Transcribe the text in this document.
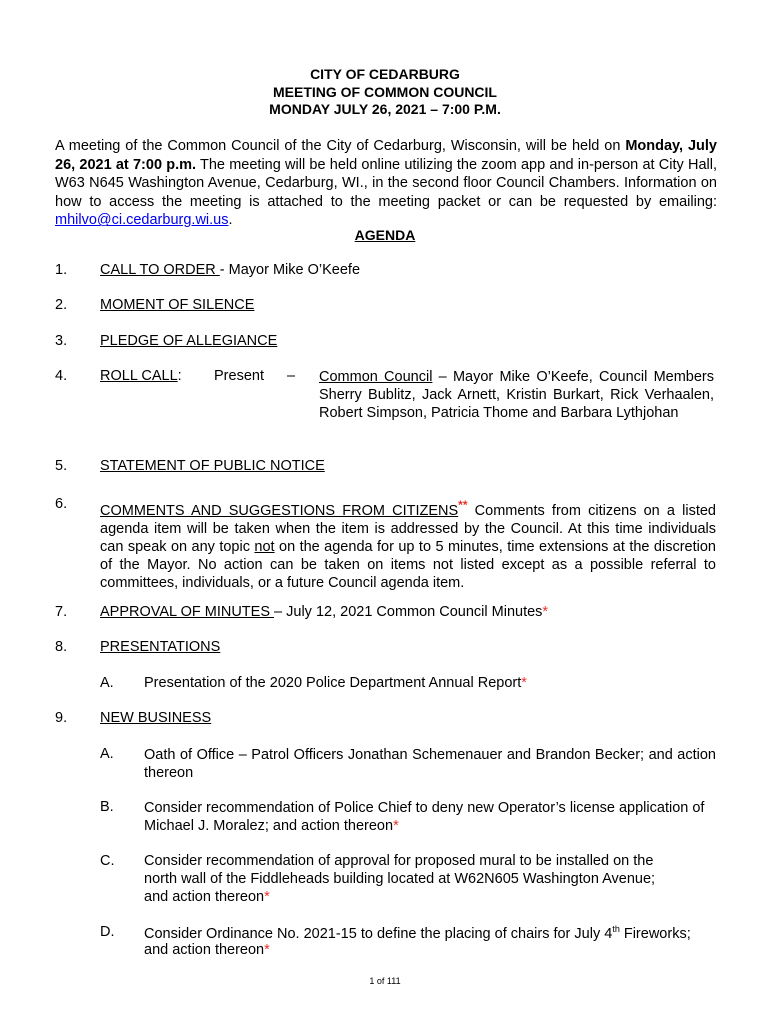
CITY OF CEDARBURG
MEETING OF COMMON COUNCIL
MONDAY JULY 26, 2021 – 7:00 P.M.
A meeting of the Common Council of the City of Cedarburg, Wisconsin, will be held on Monday, July 26, 2021 at 7:00 p.m. The meeting will be held online utilizing the zoom app and in-person at City Hall, W63 N645 Washington Avenue, Cedarburg, WI., in the second floor Council Chambers. Information on how to access the meeting is attached to the meeting packet or can be requested by emailing: mhilvo@ci.cedarburg.wi.us.
AGENDA
1. CALL TO ORDER - Mayor Mike O’Keefe
2. MOMENT OF SILENCE
3. PLEDGE OF ALLEGIANCE
4. ROLL CALL: Present – Common Council – Mayor Mike O’Keefe, Council Members Sherry Bublitz, Jack Arnett, Kristin Burkart, Rick Verhaalen, Robert Simpson, Patricia Thome and Barbara Lythjohan
5. STATEMENT OF PUBLIC NOTICE
6. COMMENTS AND SUGGESTIONS FROM CITIZENS** Comments from citizens on a listed agenda item will be taken when the item is addressed by the Council. At this time individuals can speak on any topic not on the agenda for up to 5 minutes, time extensions at the discretion of the Mayor. No action can be taken on items not listed except as a possible referral to committees, individuals, or a future Council agenda item.
7. APPROVAL OF MINUTES – July 12, 2021 Common Council Minutes*
8. PRESENTATIONS
A. Presentation of the 2020 Police Department Annual Report*
9. NEW BUSINESS
A. Oath of Office – Patrol Officers Jonathan Schemenauer and Brandon Becker; and action thereon
B. Consider recommendation of Police Chief to deny new Operator’s license application of Michael J. Moralez; and action thereon*
C. Consider recommendation of approval for proposed mural to be installed on the
north wall of the Fiddleheads building located at W62N605 Washington Avenue;
and action thereon*
D. Consider Ordinance No. 2021-15 to define the placing of chairs for July 4th Fireworks;
and action thereon*
1 of 111
